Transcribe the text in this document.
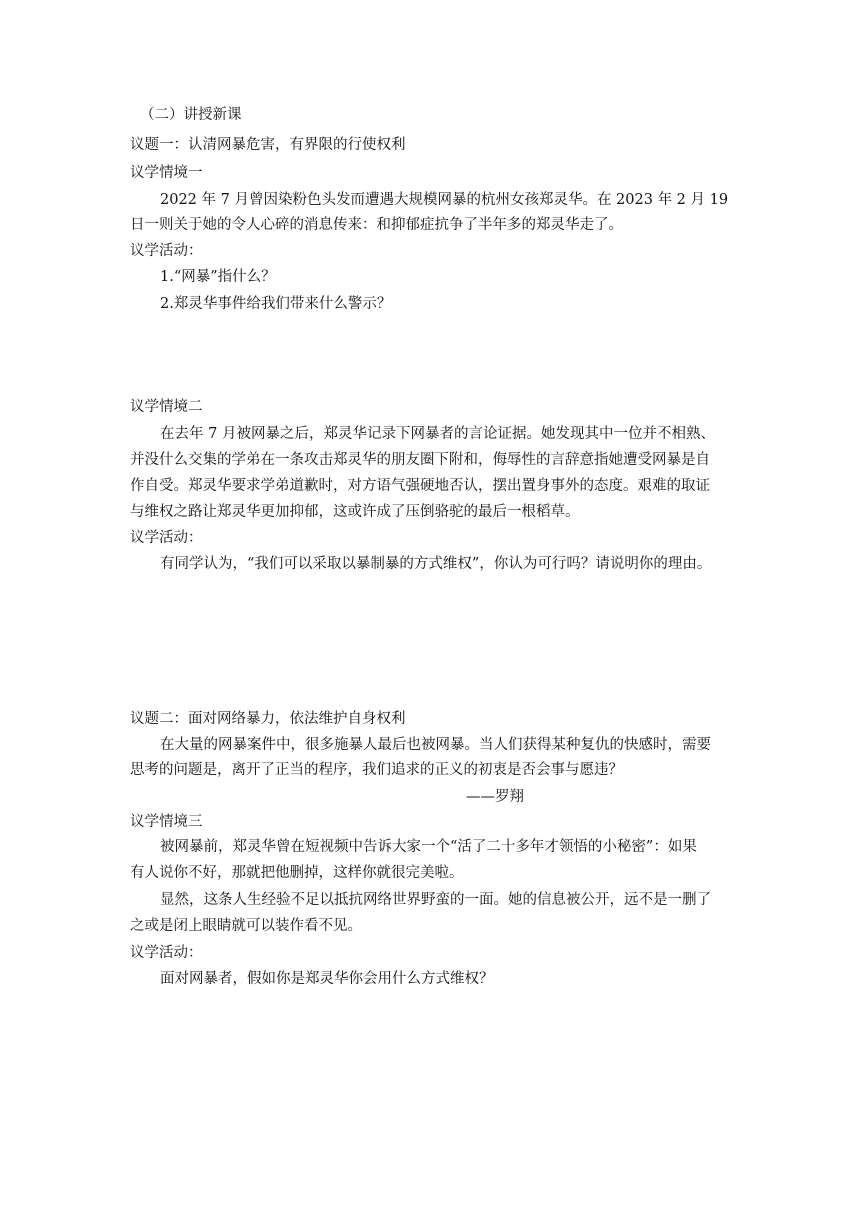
（二）讲授新课
议题一：认清网暴危害，有界限的行使权利
议学情境一
2022 年 7 月曾因染粉色头发而遭遇大规模网暴的杭州女孩郑灵华。在 2023 年 2 月 19
日一则关于她的令人心碎的消息传来：和抑郁症抗争了半年多的郑灵华走了。
议学活动：
1.“网暴”指什么？
2.郑灵华事件给我们带来什么警示？
议学情境二
在去年 7 月被网暴之后，郑灵华记录下网暴者的言论证据。她发现其中一位并不相熟、
并没什么交集的学弟在一条攻击郑灵华的朋友圈下附和，侮辱性的言辞意指她遭受网暴是自
作自受。郑灵华要求学弟道歉时，对方语气强硬地否认，摆出置身事外的态度。艰难的取证
与维权之路让郑灵华更加抑郁，这或许成了压倒骆驼的最后一根稻草。
议学活动：
有同学认为，“我们可以采取以暴制暴的方式维权”，你认为可行吗？请说明你的理由。
议题二：面对网络暴力，依法维护自身权利
在大量的网暴案件中，很多施暴人最后也被网暴。当人们获得某种复仇的快感时，需要
思考的问题是，离开了正当的程序，我们追求的正义的初衷是否会事与愿违？
——罗翔
议学情境三
被网暴前，郑灵华曾在短视频中告诉大家一个“活了二十多年才领悟的小秘密”：如果
有人说你不好，那就把他删掉，这样你就很完美啦。
显然，这条人生经验不足以抵抗网络世界野蛮的一面。她的信息被公开，远不是一删了
之或是闭上眼睛就可以装作看不见。
议学活动：
面对网暴者，假如你是郑灵华你会用什么方式维权？
